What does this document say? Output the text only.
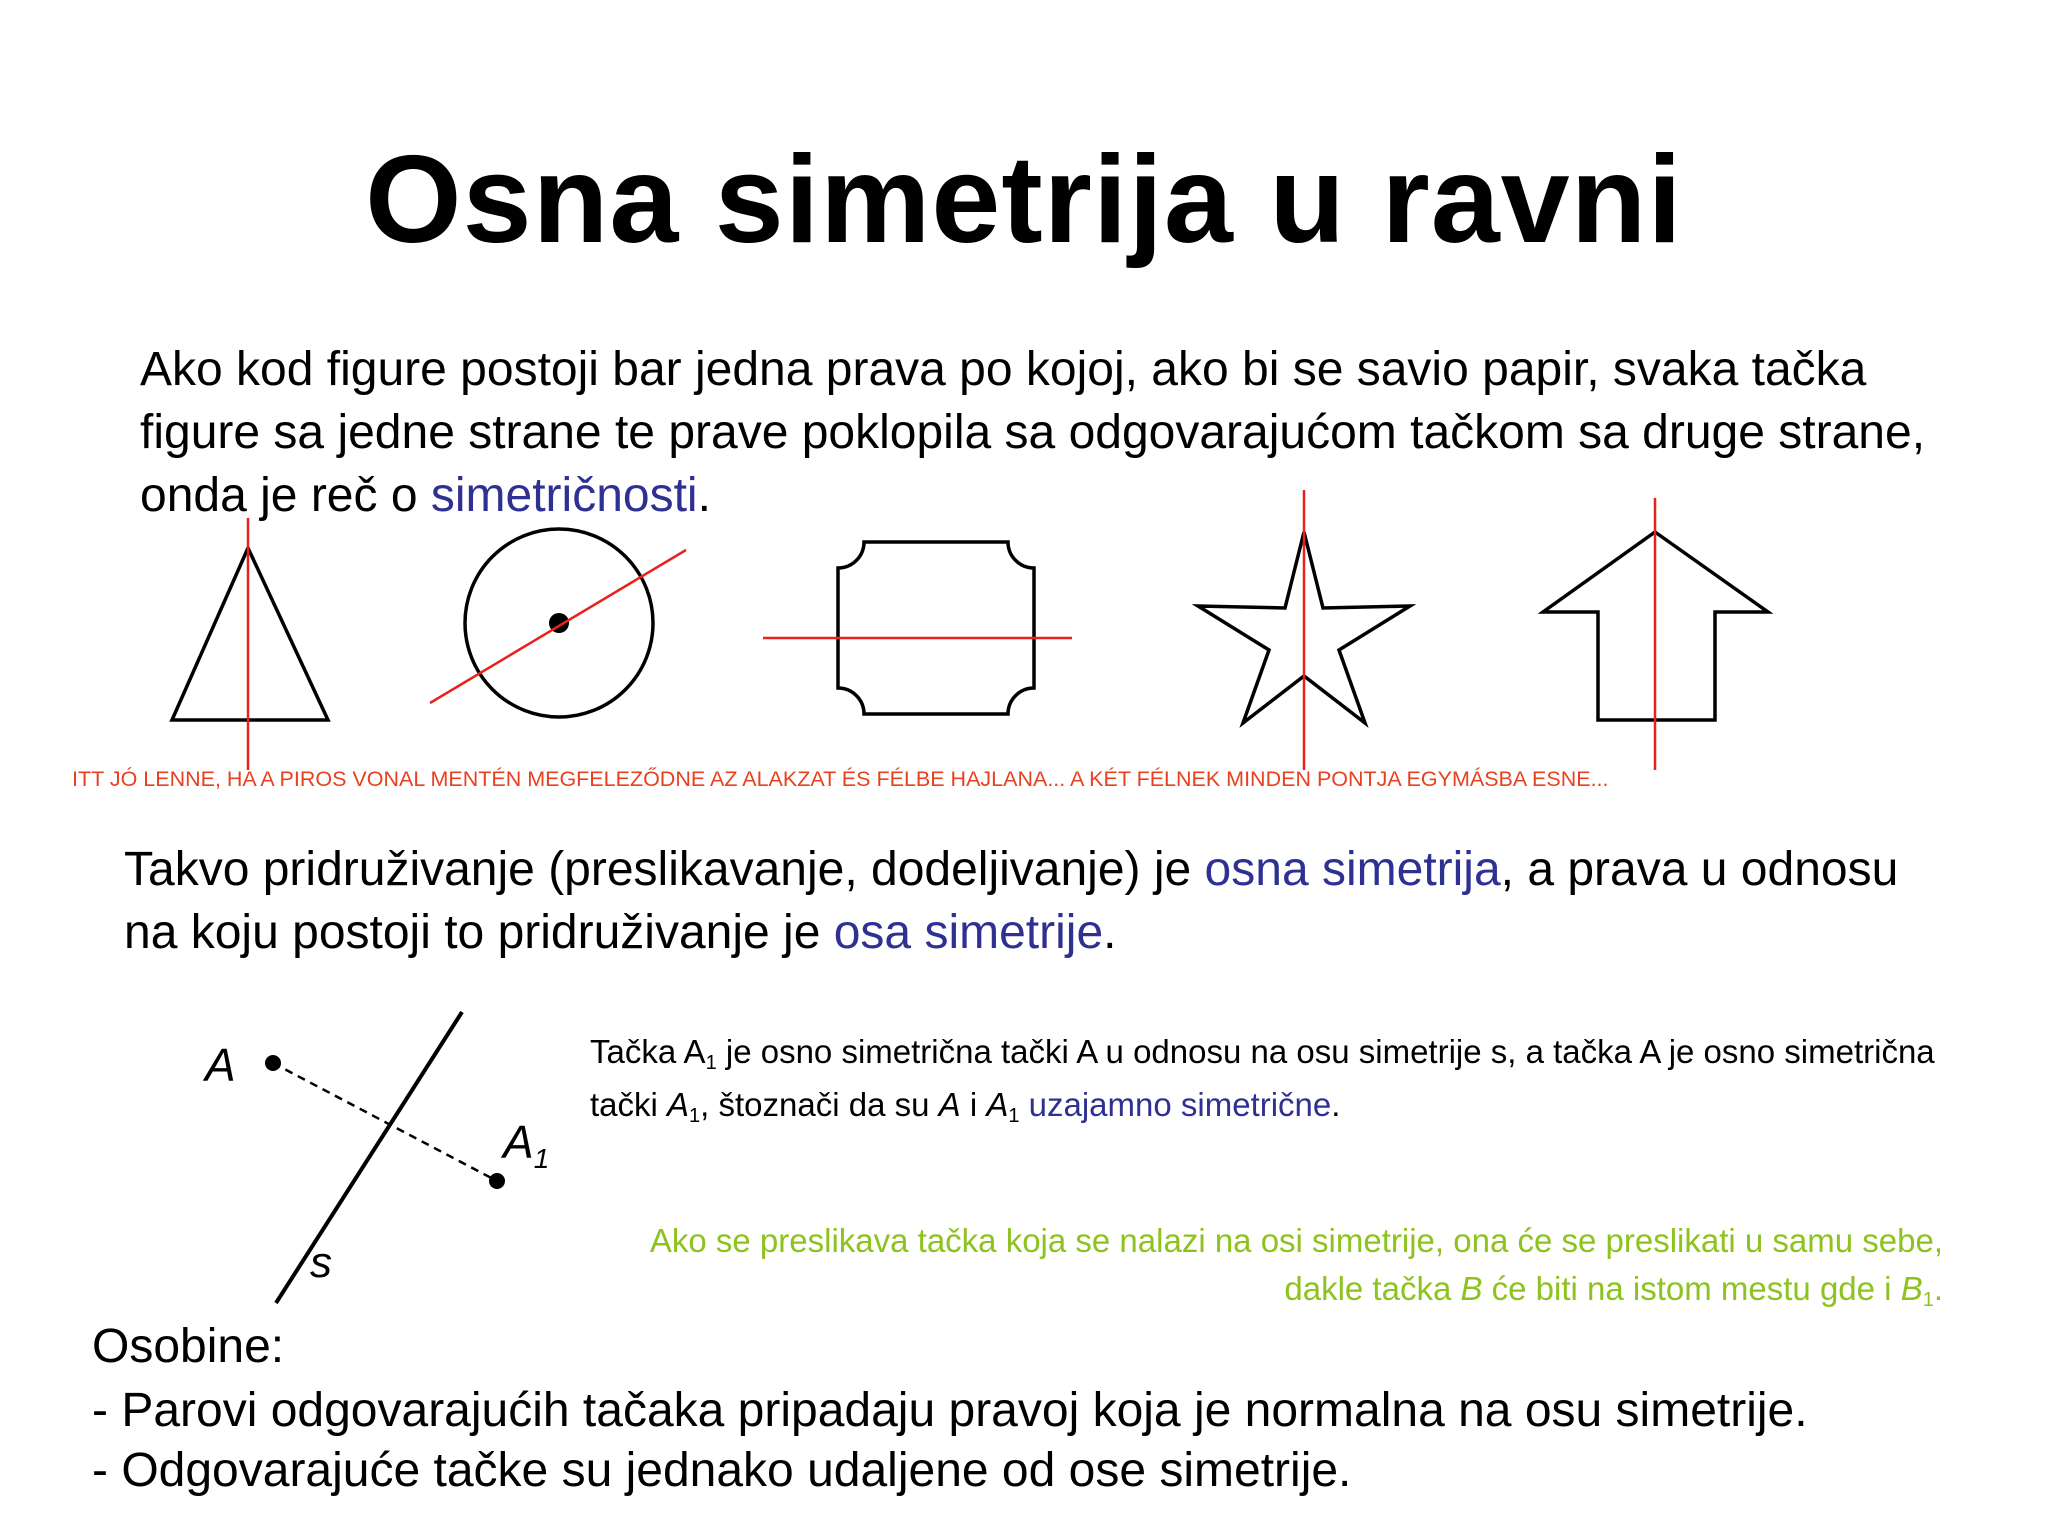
Osna simetrija u ravni
Ako kod figure postoji bar jedna prava po kojoj, ako bi se savio papir, svaka tačka figure sa jedne strane te prave poklopila sa odgovarajućom tačkom sa druge strane, onda je reč o simetričnosti.
ITT JÓ LENNE, HA A PIROS VONAL MENTÉN MEGFELEZŐDNE AZ ALAKZAT ÉS FÉLBE HAJLANA... A KÉT FÉLNEK MINDEN PONTJA EGYMÁSBA ESNE...
Takvo pridruživanje (preslikavanje, dodeljivanje) je osna simetrija, a prava u odnosu na koju postoji to pridruživanje je osa simetrije.
A
$A_1$
s
Tačka $A_1$ je osno simetrična tački A u odnosu na osu simetrije s, a tačka A je osno simetrična tački $A_1$, štoznači da su A i $A_1$ uzajamno simetrične.
Ako se preslikava tačka koja se nalazi na osi simetrije, ona će se preslikati u samu sebe, dakle tačka B će biti na istom mestu gde i $B_1$.
Osobine:
- Parovi odgovarajućih tačaka pripadaju pravoj koja je normalna na osu simetrije.
- Odgovarajuće tačke su jednako udaljene od ose simetrije.
